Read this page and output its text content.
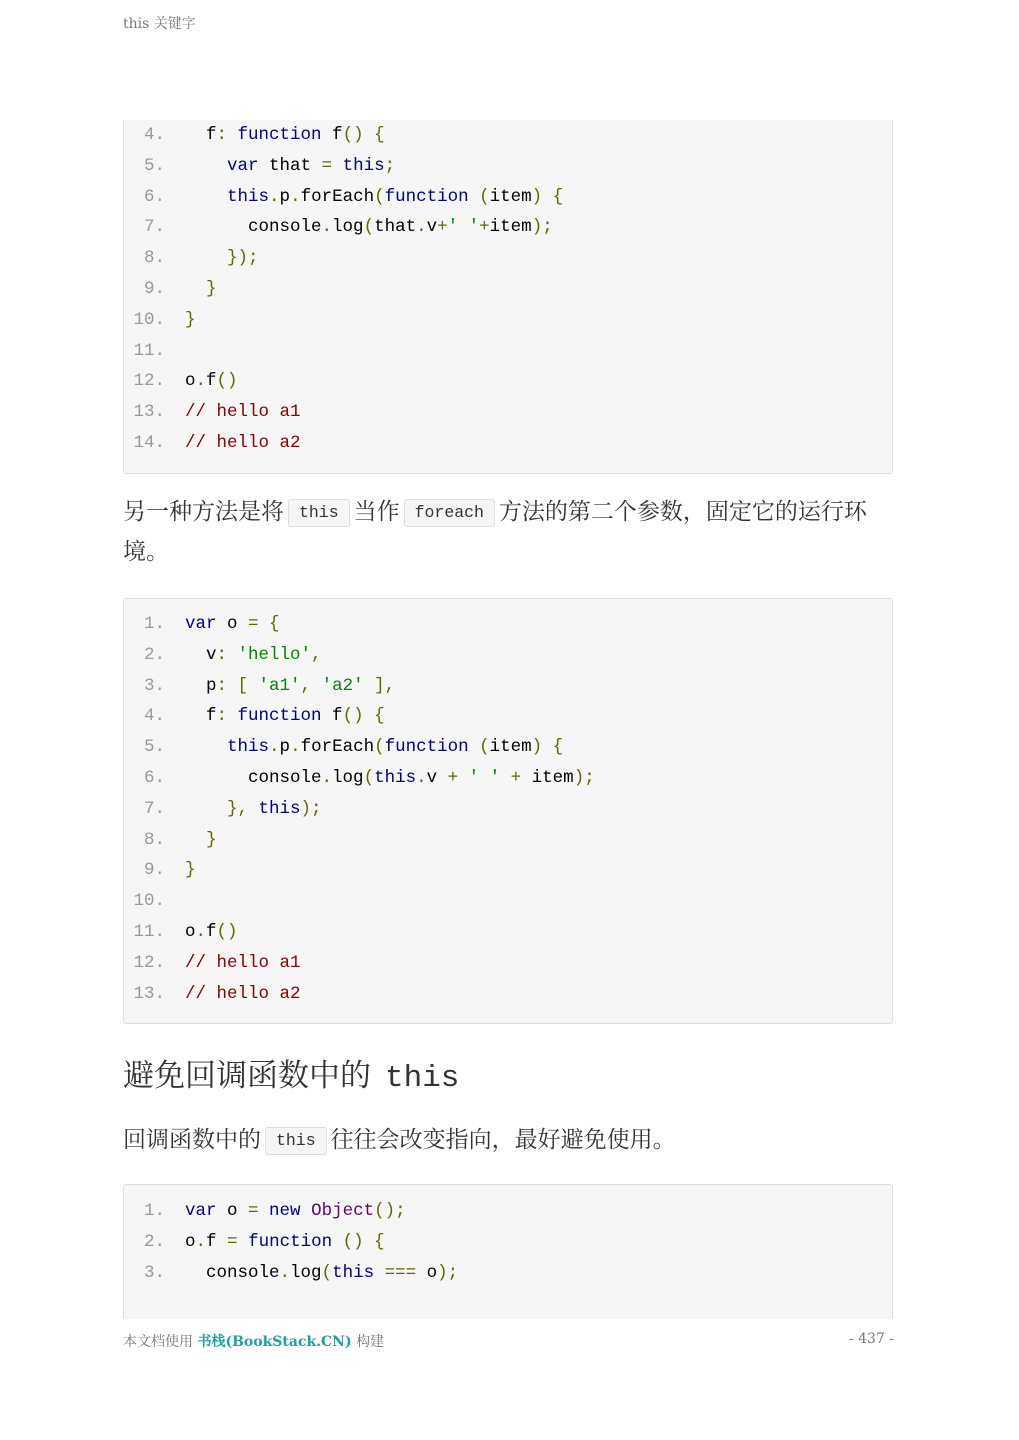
this 关键字
4. f: function f() {
5.	var that = this;
6.	this.p.forEach(function (item) {
7. console.log(that.v+' '+item);
8.	});
9.	}
10. }
11.
12. o.f()
13. // hello a1
14. // hello a2

另一种方法是将 this 当作 foreach 方法的第二个参数，固定它的运行环境。

1. var o = {
2. v: 'hello',
3. p: [ 'a1', 'a2' ],
4. f: function f() {
5.	this.p.forEach(function (item) {
6. console.log(this.v + ' ' + item);
7.	}, this);
8.	}
9. }
10.
11. o.f()
12. // hello a1
13. // hello a2
避免回调函数中的 this

回调函数中的 this 往往会改变指向，最好避免使用。

1. var o = new Object();
2. o.f = function () {
3. console.log(this === o);
本文档使用 书栈(BookStack.CN) 构建	- 437 -
